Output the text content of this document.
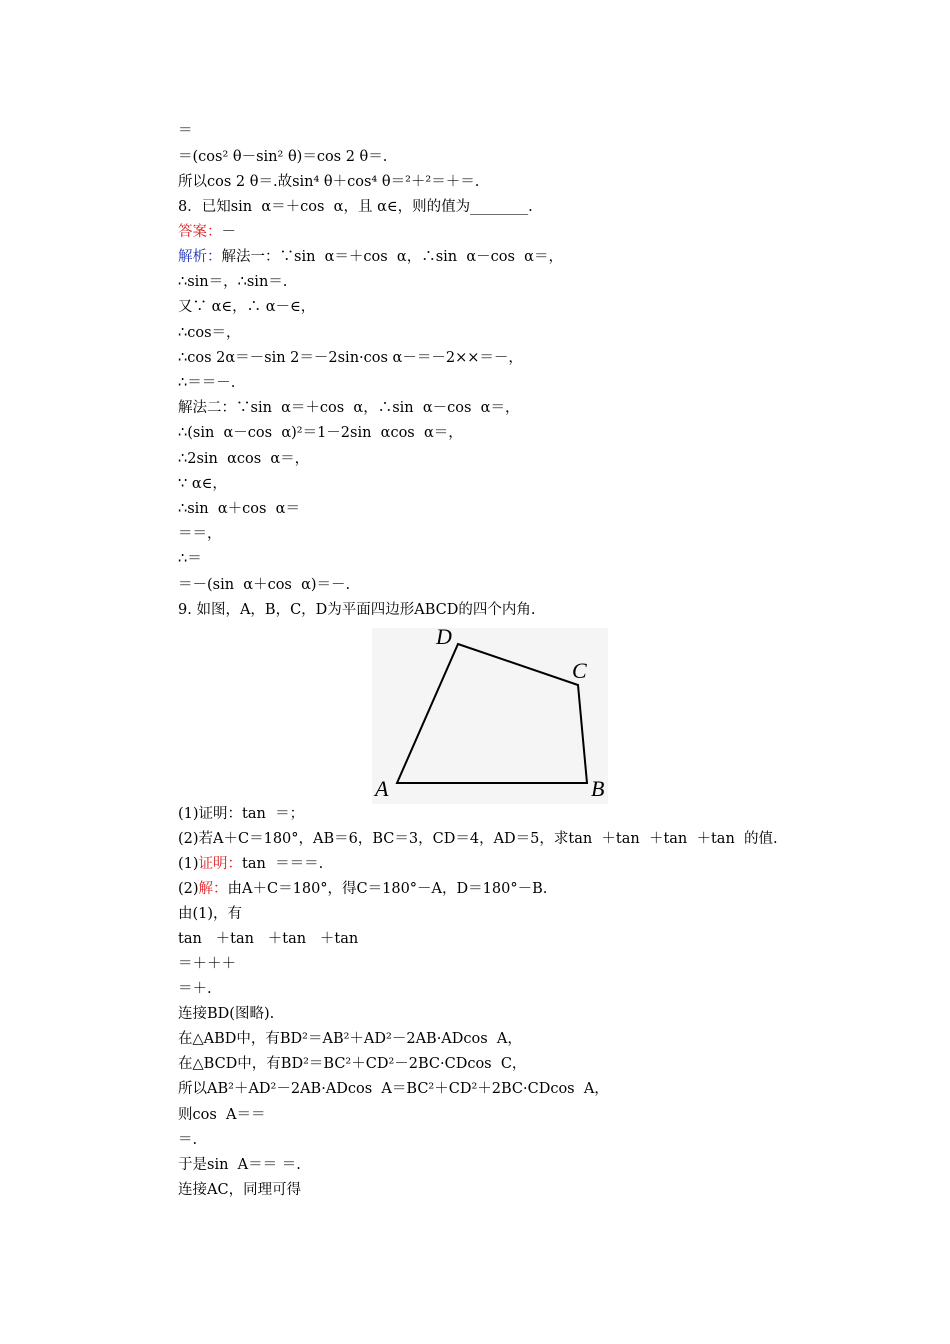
＝
＝(cos² θ－sin² θ)＝cos 2 θ＝.
所以cos 2 θ＝.故sin⁴ θ＋cos⁴ θ＝²＋²＝＋＝.
8．已知sin  α＝＋cos  α，且 α∈，则的值为________.
答案：－
解析：解法一：∵sin  α＝＋cos  α，∴sin  α－cos  α＝，
∴sin＝，∴sin＝.
又∵ α∈，∴ α－∈，
∴cos＝，
∴cos 2α＝－sin 2＝－2sin·cos α－＝－2××＝－，
∴＝＝－.
解法二：∵sin  α＝＋cos  α，∴sin  α－cos  α＝，
∴(sin  α－cos  α)²＝1－2sin  αcos  α＝，
∴2sin  αcos  α＝，
∵ α∈，
∴sin  α＋cos  α＝
＝＝，
∴＝
＝－(sin  α＋cos  α)＝－.
9. 如图，A，B，C，D为平面四边形ABCD的四个内角.
A	B
C
D
(1)证明：tan  ＝；
(2)若A＋C＝180°，AB＝6，BC＝3，CD＝4，AD＝5，求tan  ＋tan  ＋tan  ＋tan  的值.
(1)证明：tan  ＝＝＝.
(2)解：由A＋C＝180°，得C＝180°－A，D＝180°－B.
由(1)，有
tan   ＋tan   ＋tan   ＋tan
＝＋＋＋
＝＋.
连接BD(图略).
在△ABD中，有BD²＝AB²＋AD²－2AB·ADcos  A，
在△BCD中，有BD²＝BC²＋CD²－2BC·CDcos  C，
所以AB²＋AD²－2AB·ADcos  A＝BC²＋CD²＋2BC·CDcos  A，
则cos  A＝＝
＝.
于是sin  A＝＝ ＝.
连接AC，同理可得
